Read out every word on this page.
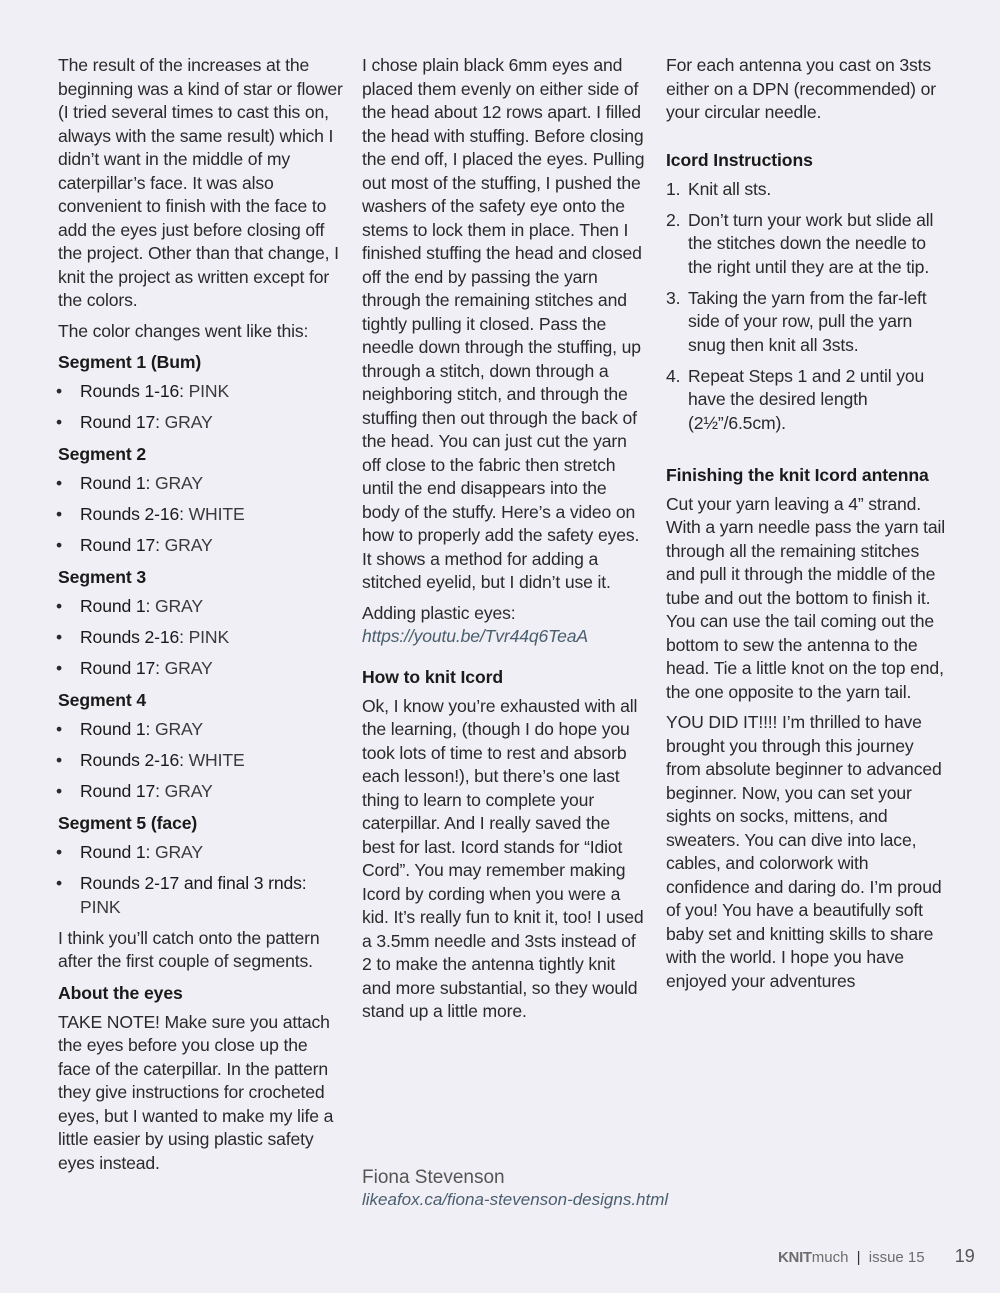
The result of the increases at the beginning was a kind of star or flower (I tried several times to cast this on, always with the same result) which I didn’t want in the middle of my caterpillar’s face. It was also convenient to finish with the face to add the eyes just before closing off the project. Other than that change, I knit the project as written except for the colors.

The color changes went like this:

Segment 1 (Bum)
• Rounds 1-16: PINK
• Round 17: GRAY
Segment 2
• Round 1: GRAY
• Rounds 2-16: WHITE
• Round 17: GRAY
Segment 3
• Round 1: GRAY
• Rounds 2-16: PINK
• Round 17: GRAY
Segment 4
• Round 1: GRAY
• Rounds 2-16: WHITE
• Round 17: GRAY
Segment 5 (face)
• Round 1: GRAY
• Rounds 2-17 and final 3 rnds: PINK

I think you’ll catch onto the pattern after the first couple of segments.

About the eyes

TAKE NOTE! Make sure you attach the eyes before you close up the face of the caterpillar. In the pattern they give instructions for crocheted eyes, but I wanted to make my life a little easier by using plastic safety eyes instead.

I chose plain black 6mm eyes and placed them evenly on either side of the head about 12 rows apart. I filled the head with stuffing. Before closing the end off, I placed the eyes. Pulling out most of the stuffing, I pushed the washers of the safety eye onto the stems to lock them in place. Then I finished stuffing the head and closed off the end by passing the yarn through the remaining stitches and tightly pulling it closed. Pass the needle down through the stuffing, up through a stitch, down through a neighboring stitch, and through the stuffing then out through the back of the head. You can just cut the yarn off close to the fabric then stretch until the end disappears into the body of the stuffy. Here’s a video on how to properly add the safety eyes. It shows a method for adding a stitched eyelid, but I didn’t use it.

Adding plastic eyes:
https://youtu.be/Tvr44q6TeaA

How to knit Icord

Ok, I know you’re exhausted with all the learning, (though I do hope you took lots of time to rest and absorb each lesson!), but there’s one last thing to learn to complete your caterpillar. And I really saved the best for last. Icord stands for “Idiot Cord”. You may remember making Icord by cording when you were a kid. It’s really fun to knit it, too! I used a 3.5mm needle and 3sts instead of 2 to make the antenna tightly knit and more substantial, so they would stand up a little more.

Fiona Stevenson
likeafox.ca/fiona-stevenson-designs.html

For each antenna you cast on 3sts either on a DPN (recommended) or your circular needle.

Icord Instructions
1. Knit all sts.
2. Don’t turn your work but slide all the stitches down the needle to the right until they are at the tip.
3. Taking the yarn from the far-left side of your row, pull the yarn snug then knit all 3sts.
4. Repeat Steps 1 and 2 until you have the desired length (2½”/6.5cm).
Finishing the knit Icord antenna

Cut your yarn leaving a 4” strand. With a yarn needle pass the yarn tail through all the remaining stitches and pull it through the middle of the tube and out the bottom to finish it. You can use the tail coming out the bottom to sew the antenna to the head. Tie a little knot on the top end, the one opposite to the yarn tail.

YOU DID IT!!!! I’m thrilled to have brought you through this journey from absolute beginner to advanced beginner. Now, you can set your sights on socks, mittens, and sweaters. You can dive into lace, cables, and colorwork with confidence and daring do. I’m proud of you! You have a beautifully soft baby set and knitting skills to share with the world. I hope you have enjoyed your adventures

KNITmuch | issue 15 19
